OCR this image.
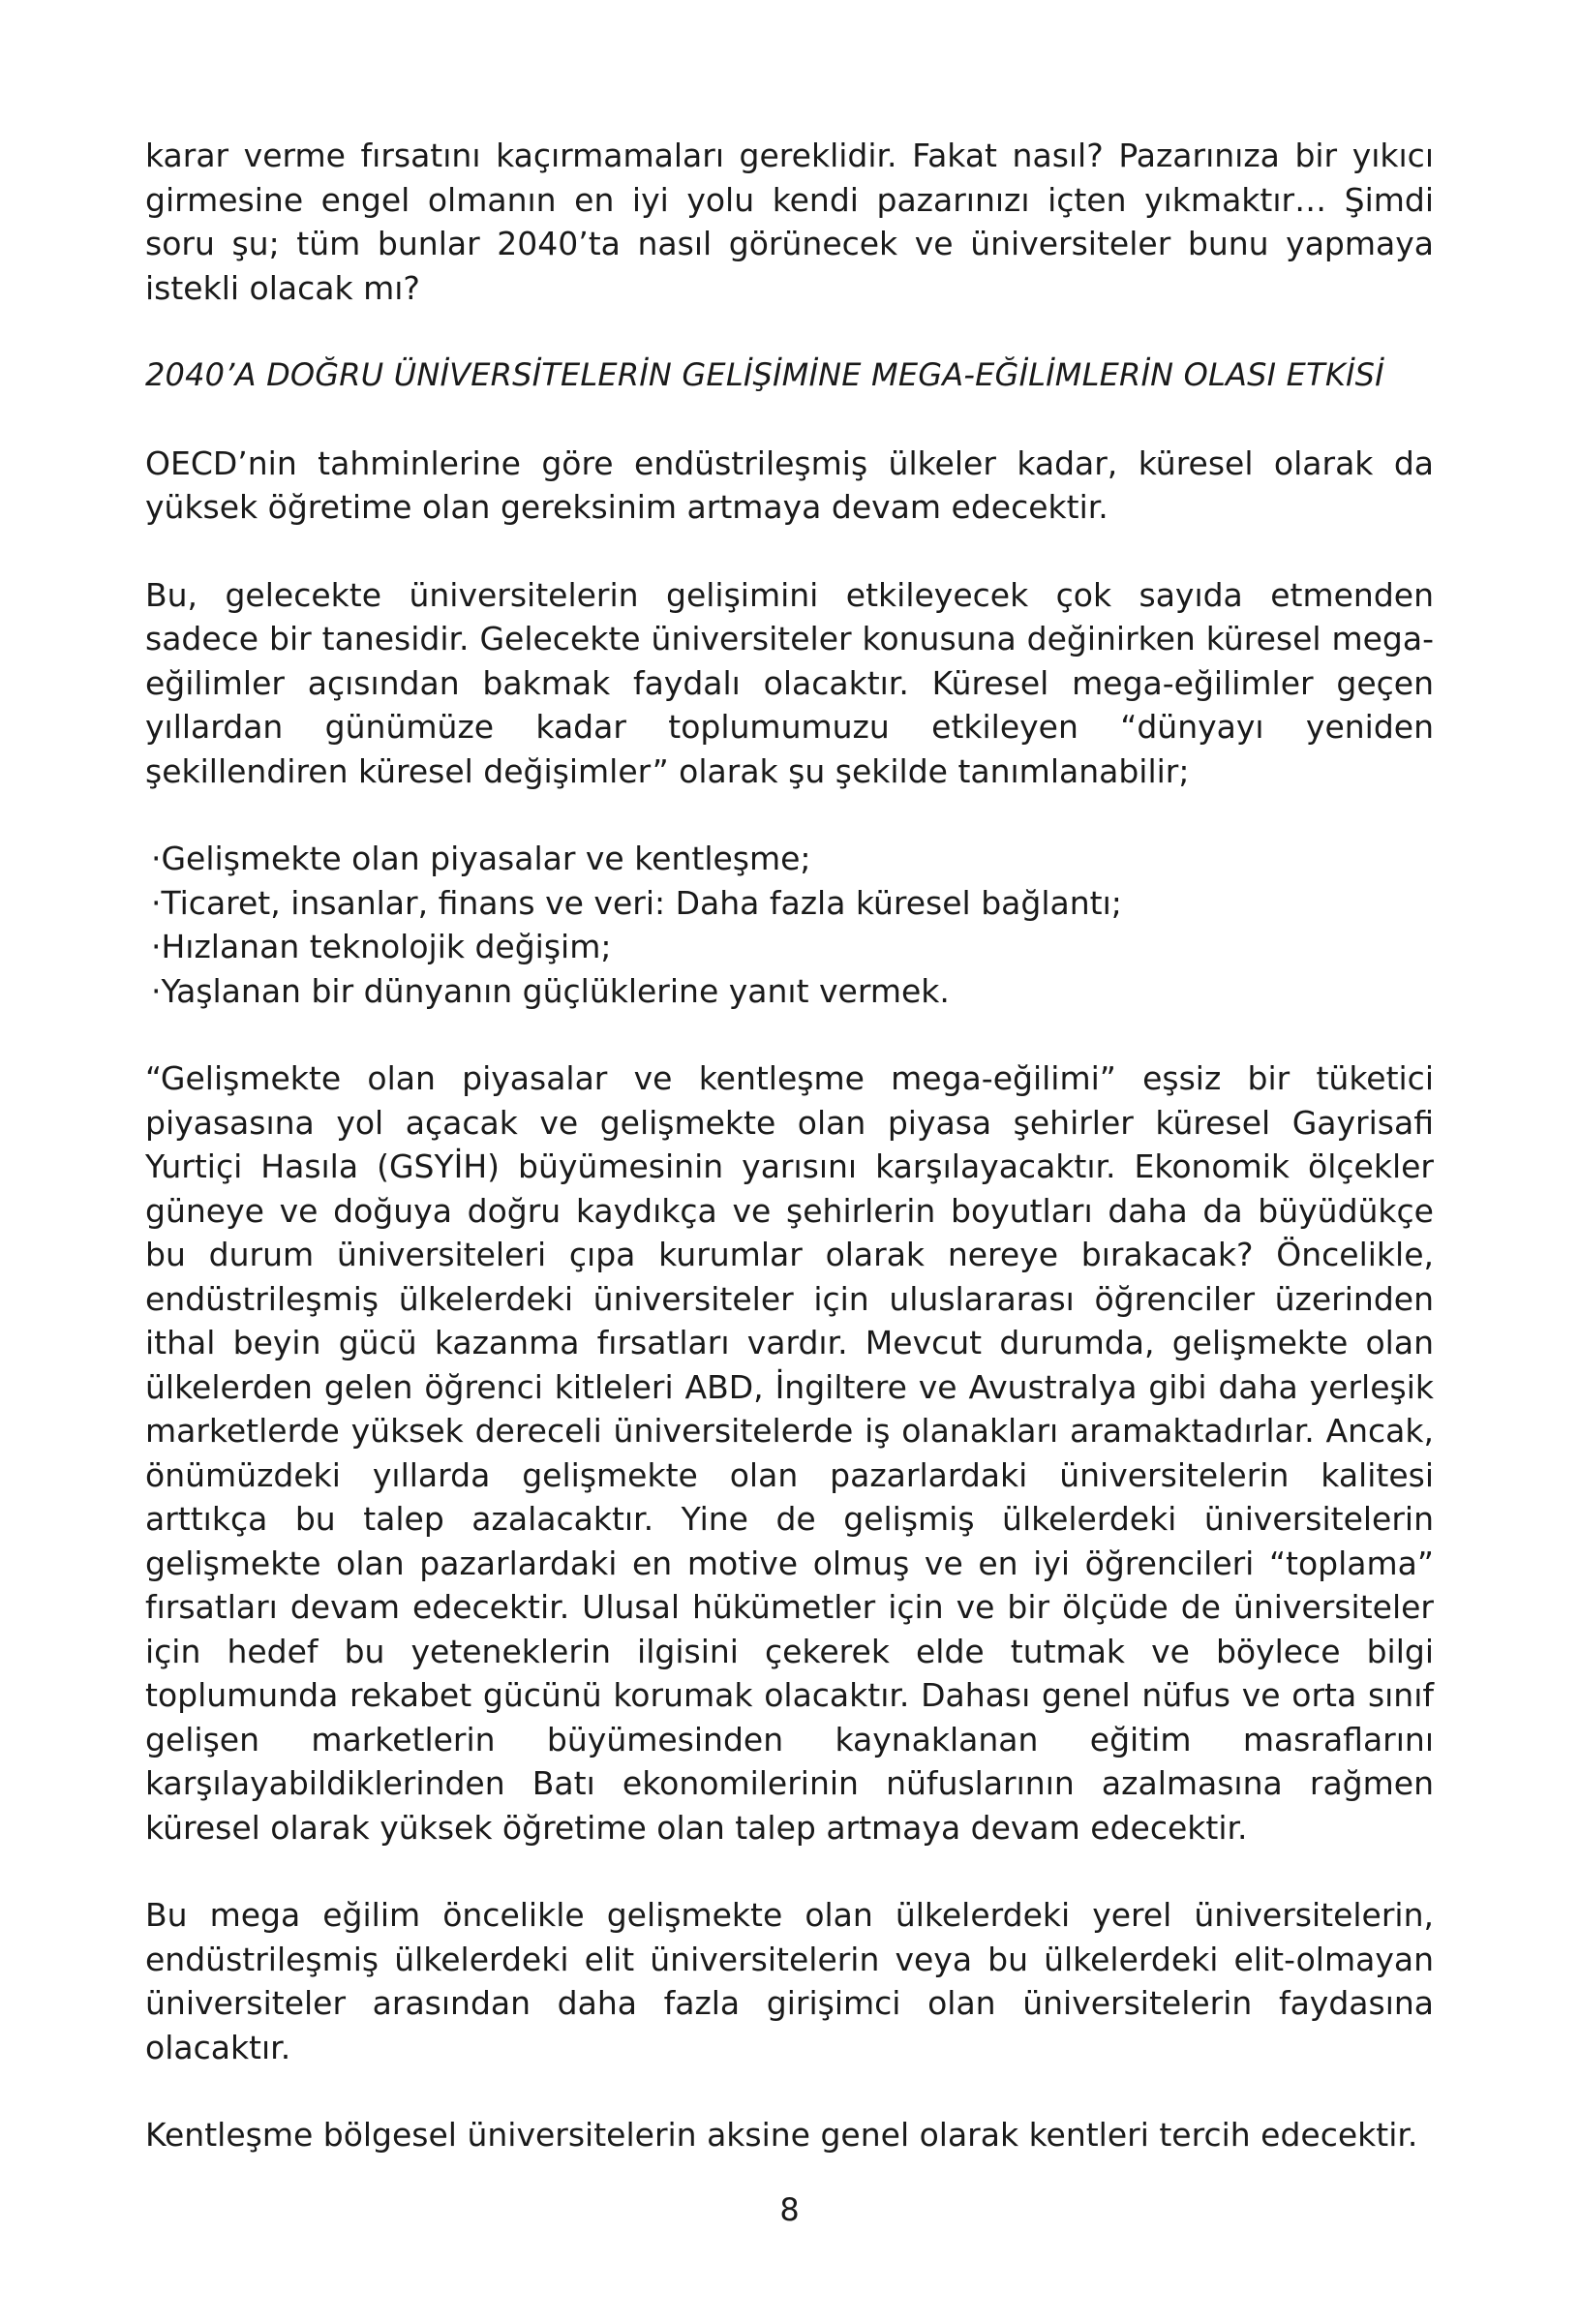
karar verme fırsatını kaçırmamaları gereklidir. Fakat nasıl? Pazarınıza bir yıkıcı girmesine engel olmanın en iyi yolu kendi pazarınızı içten yıkmaktır… Şimdi soru şu; tüm bunlar 2040’ta nasıl görünecek ve üniversiteler bunu yapmaya istekli olacak mı?

2040’A DOĞRU ÜNİVERSİTELERİN GELİŞİMİNE MEGA-EĞİLİMLERİN OLASI ETKİSİ

OECD’nin tahminlerine göre endüstrileşmiş ülkeler kadar, küresel olarak da yüksek öğretime olan gereksinim artmaya devam edecektir.

Bu, gelecekte üniversitelerin gelişimini etkileyecek çok sayıda etmenden sadece bir tanesidir. Gelecekte üniversiteler konusuna değinirken küresel mega-eğilimler açısından bakmak faydalı olacaktır. Küresel mega-eğilimler geçen yıllardan günümüze kadar toplumumuzu etkileyen “dünyayı yeniden şekillendiren küresel değişimler” olarak şu şekilde tanımlanabilir;

·Gelişmekte olan piyasalar ve kentleşme;
·Ticaret, insanlar, finans ve veri: Daha fazla küresel bağlantı;
·Hızlanan teknolojik değişim;
·Yaşlanan bir dünyanın güçlüklerine yanıt vermek.

“Gelişmekte olan piyasalar ve kentleşme mega-eğilimi” eşsiz bir tüketici piyasasına yol açacak ve gelişmekte olan piyasa şehirler küresel Gayrisafi Yurtiçi Hasıla (GSYİH) büyümesinin yarısını karşılayacaktır. Ekonomik ölçekler güneye ve doğuya doğru kaydıkça ve şehirlerin boyutları daha da büyüdükçe bu durum üniversiteleri çıpa kurumlar olarak nereye bırakacak? Öncelikle, endüstrileşmiş ülkelerdeki üniversiteler için uluslararası öğrenciler üzerinden ithal beyin gücü kazanma fırsatları vardır. Mevcut durumda, gelişmekte olan ülkelerden gelen öğrenci kitleleri ABD, İngiltere ve Avustralya gibi daha yerleşik marketlerde yüksek dereceli üniversitelerde iş olanakları aramaktadırlar. Ancak, önümüzdeki yıllarda gelişmekte olan pazarlardaki üniversitelerin kalitesi arttıkça bu talep azalacaktır. Yine de gelişmiş ülkelerdeki üniversitelerin gelişmekte olan pazarlardaki en motive olmuş ve en iyi öğrencileri “toplama” fırsatları devam edecektir. Ulusal hükümetler için ve bir ölçüde de üniversiteler için hedef bu yeteneklerin ilgisini çekerek elde tutmak ve böylece bilgi toplumunda rekabet gücünü korumak olacaktır. Dahası genel nüfus ve orta sınıf gelişen marketlerin büyümesinden kaynaklanan eğitim masraflarını karşılayabildiklerinden Batı ekonomilerinin nüfuslarının azalmasına rağmen küresel olarak yüksek öğretime olan talep artmaya devam edecektir.

Bu mega eğilim öncelikle gelişmekte olan ülkelerdeki yerel üniversitelerin, endüstrileşmiş ülkelerdeki elit üniversitelerin veya bu ülkelerdeki elit-olmayan üniversiteler arasından daha fazla girişimci olan üniversitelerin faydasına olacaktır.

Kentleşme bölgesel üniversitelerin aksine genel olarak kentleri tercih edecektir.

8
